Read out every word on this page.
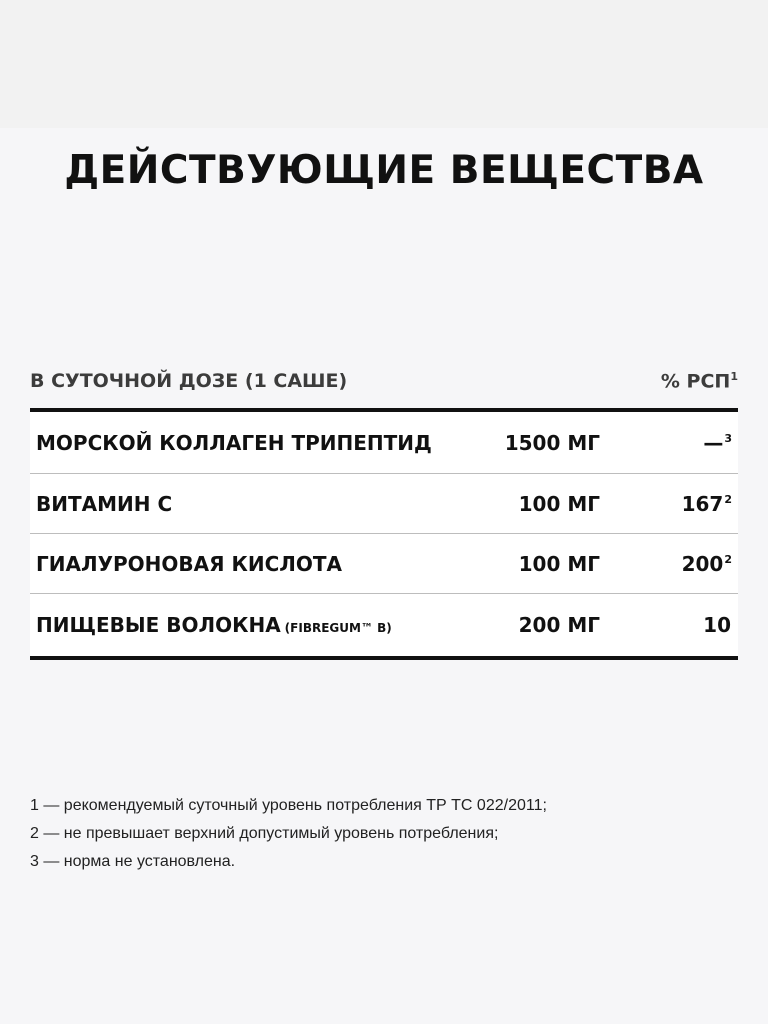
ДЕЙСТВУЮЩИЕ ВЕЩЕСТВА
В СУТОЧНОЙ ДОЗЕ (1 САШЕ)	% РСП$^1$
МОРСКОЙ КОЛЛАГЕН ТРИПЕПТИД	1500 МГ	—$^3$
ВИТАМИН С	100 МГ	$167^2$
ГИАЛУРОНОВАЯ КИСЛОТА	100 МГ	$200^2$
ПИЩЕВЫЕ ВОЛОКНА (FIBREGUM™ B)	200 МГ	10
1 — рекомендуемый суточный уровень потребления ТР ТС 022/2011;
2 — не превышает верхний допустимый уровень потребления;
3 — норма не установлена.
